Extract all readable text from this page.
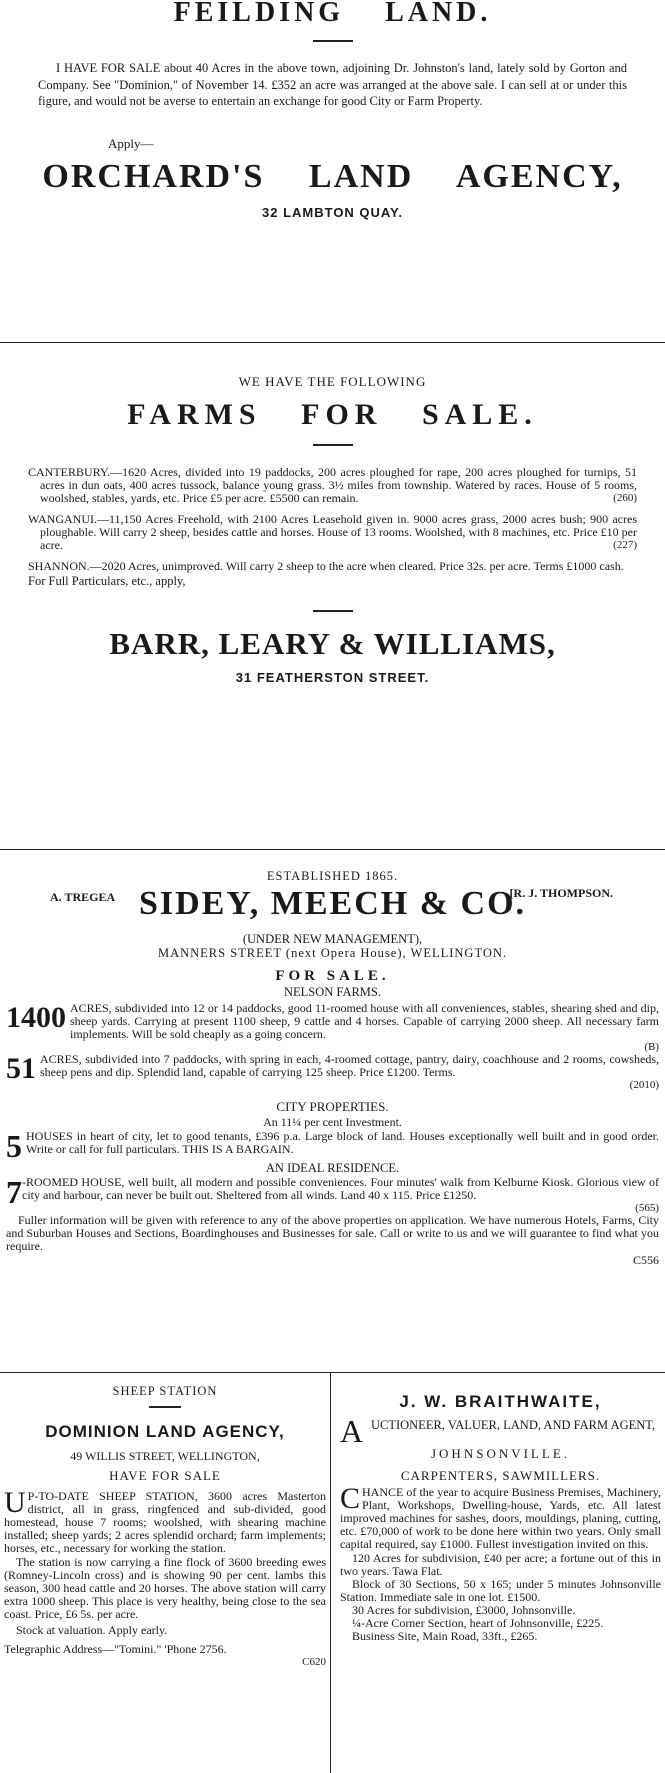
FEILDING LAND.

I HAVE FOR SALE about 40 Acres in the above town, adjoining Dr. Johnston's land, lately sold by Gorton and Company. See "Dominion," of November 14. £352 an acre was arranged at the above sale. I can sell at or under this figure, and would not be averse to entertain an exchange for good City or Farm Property.

Apply—
ORCHARD'S LAND AGENCY,
32 LAMBTON QUAY.
WE HAVE THE FOLLOWING
FARMS FOR SALE.

CANTERBURY.—1620 Acres, divided into 19 paddocks, 200 acres ploughed for rape, 200 acres ploughed for turnips, 51 acres in dun oats, 400 acres tussock, balance young grass. 3½ miles from township. Watered by races. House of 5 rooms, woolshed, stables, yards, etc. Price £5 per acre. £5500 can remain.	(260)

WANGANUI.—11,150 Acres Freehold, with 2100 Acres Leasehold given in. 9000 acres grass, 2000 acres bush; 900 acres ploughable. Will carry 2 sheep, besides cattle and horses. House of 13 rooms. Woolshed, with 8 machines, etc. Price £10 per acre.	(227)

SHANNON.—2020 Acres, unimproved. Will carry 2 sheep to the acre when cleared. Price 32s. per acre. Terms £1000 cash.

For Full Particulars, etc., apply,

BARR, LEARY & WILLIAMS,
31 FEATHERSTON STREET.
ESTABLISHED 1865.
A. TREGEA	[R. J. THOMPSON.
SIDEY, MEECH & CO.
(UNDER NEW MANAGEMENT),
MANNERS STREET (next Opera House), WELLINGTON.
FOR SALE.
NELSON FARMS.
1400 ACRES, subdivided into 12 or 14 paddocks, good 11-roomed house with all conveniences, stables, shearing shed and dip, sheep yards. Carrying at present 1100 sheep, 9 cattle and 4 horses. Capable of carrying 2000 sheep. All necessary farm implements. Will be sold cheaply as a going concern.

(B)
51 ACRES, subdivided into 7 paddocks, with spring in each, 4-roomed cottage, pantry, dairy, coachhouse and 2 rooms, cowsheds, sheep pens and dip. Splendid land, capable of carrying 125 sheep. Price £1200. Terms.

(2010)
CITY PROPERTIES.
An 11¼ per cent Investment.
5 HOUSES in heart of city, let to good tenants, £396 p.a. Large block of land. Houses exceptionally well built and in good order. Write or call for full particulars. THIS IS A BARGAIN.

AN IDEAL RESIDENCE.
7 -ROOMED HOUSE, well built, all modern and possible conveniences. Four minutes' walk from Kelburne Kiosk. Glorious view of city and harbour, can never be built out. Sheltered from all winds. Land 40 x 115. Price £1250.

(565)

Fuller information will be given with reference to any of the above properties on application. We have numerous Hotels, Farms, City and Suburban Houses and Sections, Boardinghouses and Businesses for sale. Call or write to us and we will guarantee to find what you require.

C556
SHEEP STATION
DOMINION LAND AGENCY,
49 WILLIS STREET, WELLINGTON,
HAVE FOR SALE
U P-TO-DATE SHEEP STATION, 3600 acres Masterton district, all in grass, ringfenced and sub-divided, good homestead, house 7 rooms; woolshed, with shearing machine installed; sheep yards; 2 acres splendid orchard; farm implements; horses, etc., necessary for working the station.

The station is now carrying a fine flock of 3600 breeding ewes (Romney-Lincoln cross) and is showing 90 per cent. lambs this season, 300 head cattle and 20 horses. The above station will carry extra 1000 sheep. This place is very healthy, being close to the sea coast. Price, £6 5s. per acre.

Stock at valuation. Apply early.

Telegraphic Address—"Tomini." 'Phone 2756.

C620
J. W. BRAITHWAITE,
A UCTIONEER, VALUER, LAND, AND FARM AGENT,
JOHNSONVILLE.
CARPENTERS, SAWMILLERS.
C HANCE of the year to acquire Business Premises, Machinery, Plant, Workshops, Dwelling-house, Yards, etc. All latest improved machines for sashes, doors, mouldings, planing, cutting, etc. £70,000 of work to be done here within two years. Only small capital required, say £1000. Fullest investigation invited on this.

120 Acres for subdivision, £40 per acre; a fortune out of this in two years. Tawa Flat.

Block of 30 Sections, 50 x 165; under 5 minutes Johnsonville Station. Immediate sale in one lot. £1500.

30 Acres for subdivision, £3000, Johnsonville.

¼-Acre Corner Section, heart of Johnsonville, £225.

Business Site, Main Road, 33ft., £265.
